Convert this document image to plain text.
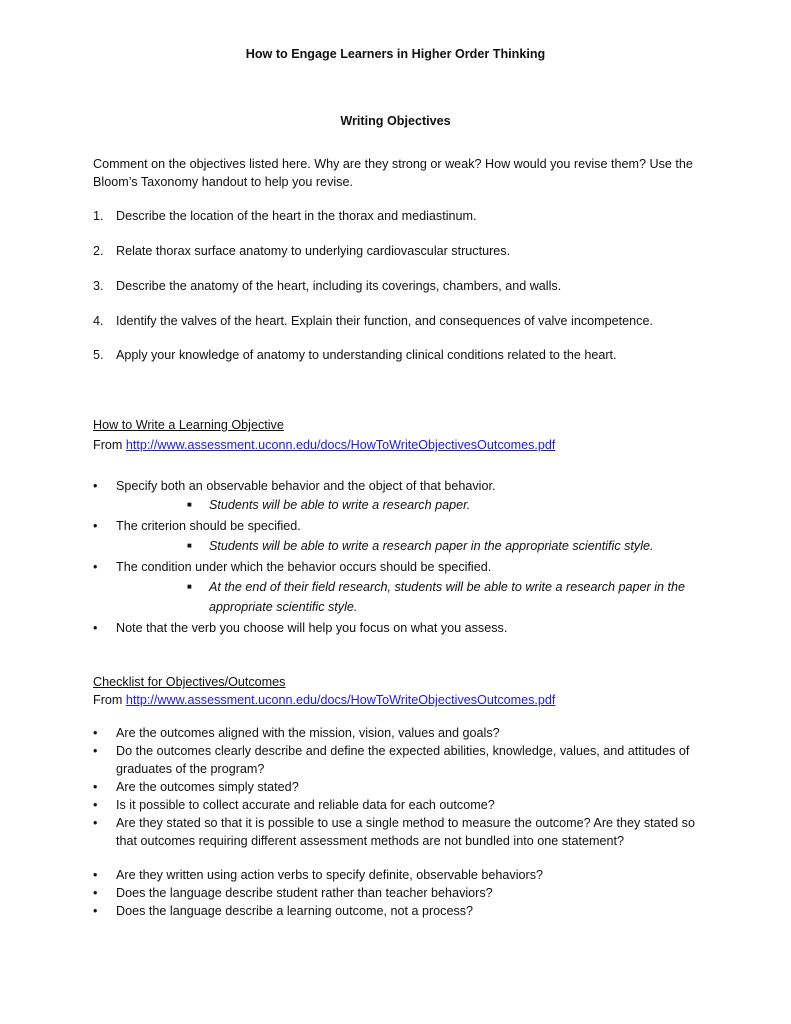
How to Engage Learners in Higher Order Thinking
Writing Objectives
Comment on the objectives listed here. Why are they strong or weak? How would you revise them? Use the Bloom’s Taxonomy handout to help you revise.
1. Describe the location of the heart in the thorax and mediastinum.
2. Relate thorax surface anatomy to underlying cardiovascular structures.
3. Describe the anatomy of the heart, including its coverings, chambers, and walls.
4. Identify the valves of the heart. Explain their function, and consequences of valve incompetence.
5. Apply your knowledge of anatomy to understanding clinical conditions related to the heart.
How to Write a Learning Objective
From http://www.assessment.uconn.edu/docs/HowToWriteObjectivesOutcomes.pdf
• Specify both an observable behavior and the object of that behavior.
■ Students will be able to write a research paper.
• The criterion should be specified.
■ Students will be able to write a research paper in the appropriate scientific style.
• The condition under which the behavior occurs should be specified.
■ At the end of their field research, students will be able to write a research paper in the appropriate scientific style.
• Note that the verb you choose will help you focus on what you assess.
Checklist for Objectives/Outcomes
From http://www.assessment.uconn.edu/docs/HowToWriteObjectivesOutcomes.pdf
• Are the outcomes aligned with the mission, vision, values and goals?
• Do the outcomes clearly describe and define the expected abilities, knowledge, values, and attitudes of graduates of the program?
• Are the outcomes simply stated?
• Is it possible to collect accurate and reliable data for each outcome?
• Are they stated so that it is possible to use a single method to measure the outcome? Are they stated so that outcomes requiring different assessment methods are not bundled into one statement?
• Are they written using action verbs to specify definite, observable behaviors?
• Does the language describe student rather than teacher behaviors?
• Does the language describe a learning outcome, not a process?
